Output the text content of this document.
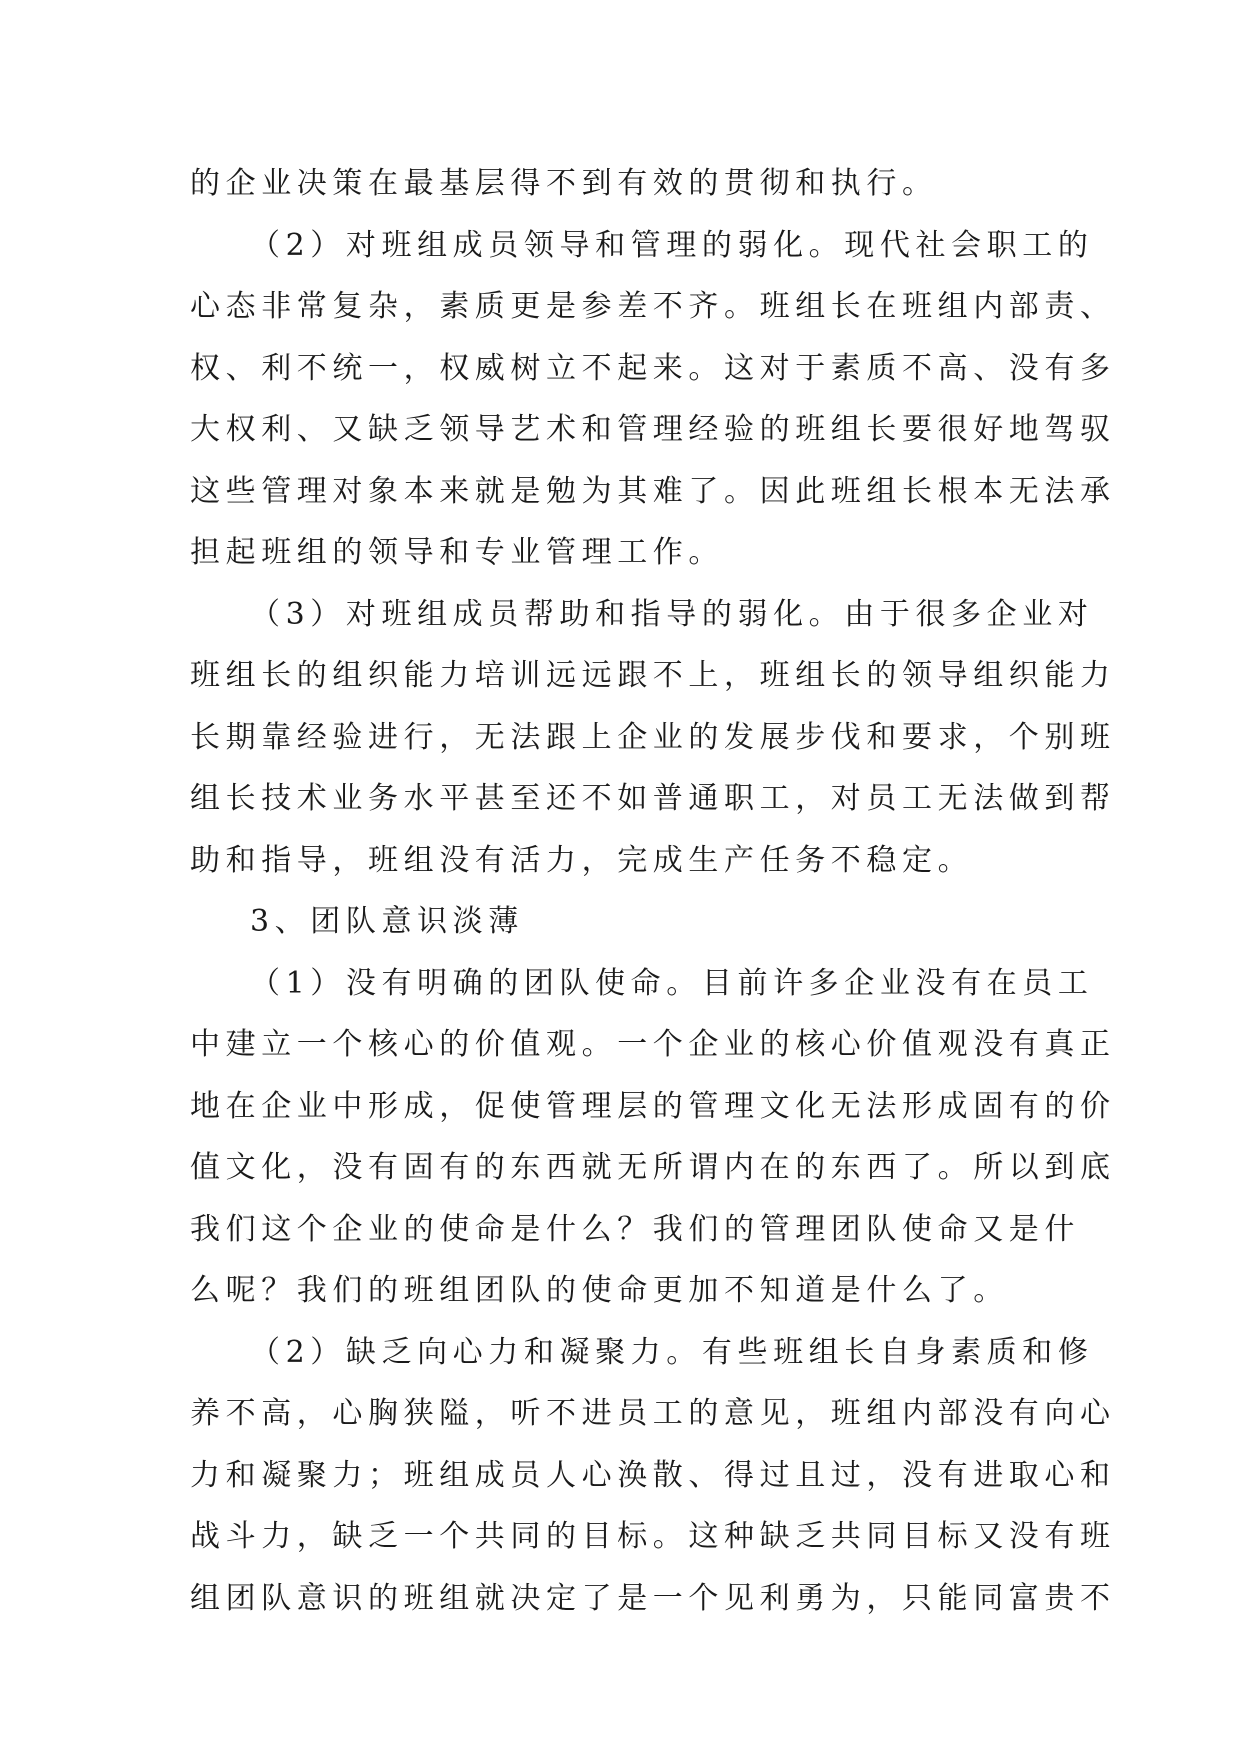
的企业决策在最基层得不到有效的贯彻和执行。
（2）对班组成员领导和管理的弱化。现代社会职工的
心态非常复杂，素质更是参差不齐。班组长在班组内部责、
权、利不统一，权威树立不起来。这对于素质不高、没有多
大权利、又缺乏领导艺术和管理经验的班组长要很好地驾驭
这些管理对象本来就是勉为其难了。因此班组长根本无法承
担起班组的领导和专业管理工作。
（3）对班组成员帮助和指导的弱化。由于很多企业对
班组长的组织能力培训远远跟不上，班组长的领导组织能力
长期靠经验进行，无法跟上企业的发展步伐和要求，个别班
组长技术业务水平甚至还不如普通职工，对员工无法做到帮
助和指导，班组没有活力，完成生产任务不稳定。
3、团队意识淡薄
（1）没有明确的团队使命。目前许多企业没有在员工
中建立一个核心的价值观。一个企业的核心价值观没有真正
地在企业中形成，促使管理层的管理文化无法形成固有的价
值文化，没有固有的东西就无所谓内在的东西了。所以到底
我们这个企业的使命是什么？我们的管理团队使命又是什
么呢？我们的班组团队的使命更加不知道是什么了。
（2）缺乏向心力和凝聚力。有些班组长自身素质和修
养不高，心胸狭隘，听不进员工的意见，班组内部没有向心
力和凝聚力；班组成员人心涣散、得过且过，没有进取心和
战斗力，缺乏一个共同的目标。这种缺乏共同目标又没有班
组团队意识的班组就决定了是一个见利勇为，只能同富贵不
